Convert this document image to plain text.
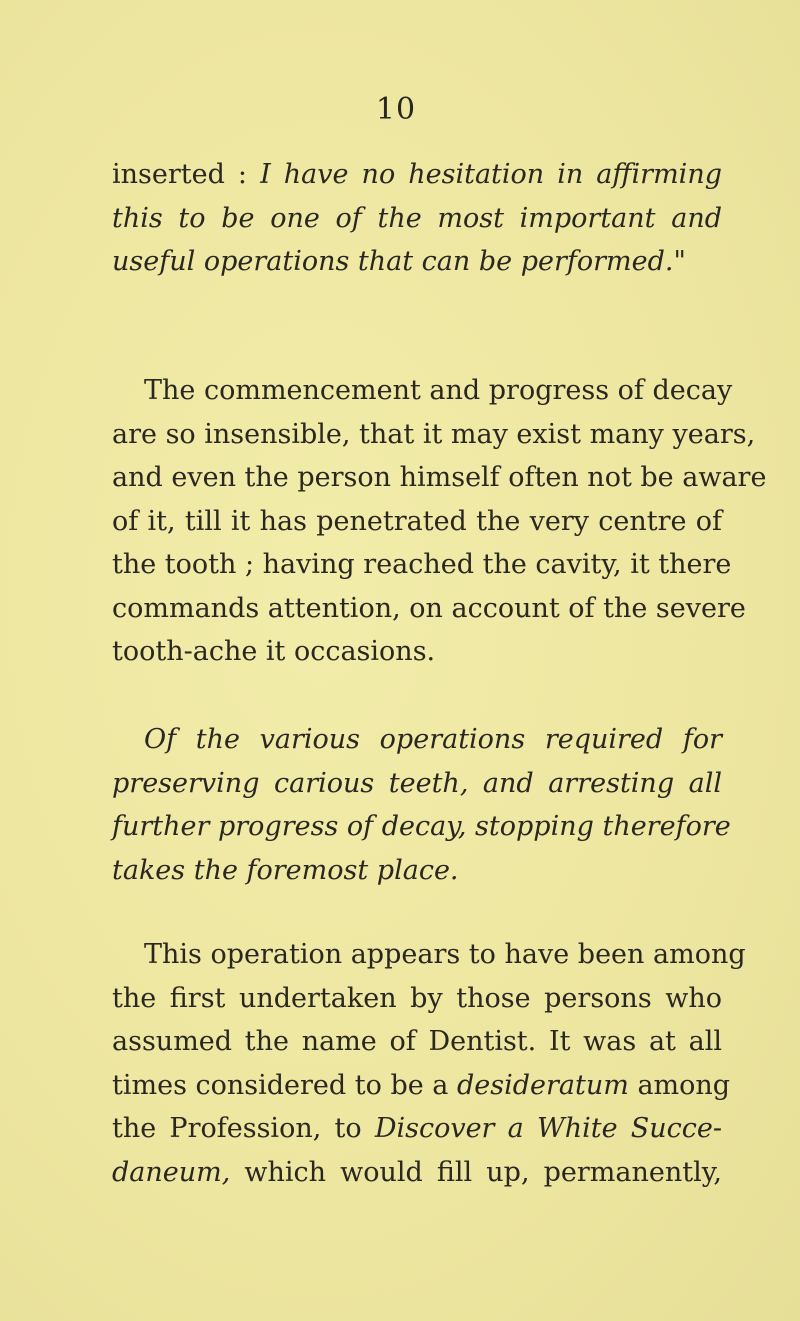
10

inserted : I have no hesitation in affirming
this to be one of the most important and
useful operations that can be performed."

The commencement and progress of decay
are so insensible, that it may exist many years,
and even the person himself often not be aware
of it, till it has penetrated the very centre of
the tooth ; having reached the cavity, it there
commands attention, on account of the severe
tooth-ache it occasions.

Of the various operations required for
preserving carious teeth, and arresting all
further progress of decay, stopping therefore
takes the foremost place.

This operation appears to have been among
the first undertaken by those persons who
assumed the name of Dentist. It was at all
times considered to be a desideratum among
the Profession, to Discover a White Succe-
daneum, which would fill up, permanently,
